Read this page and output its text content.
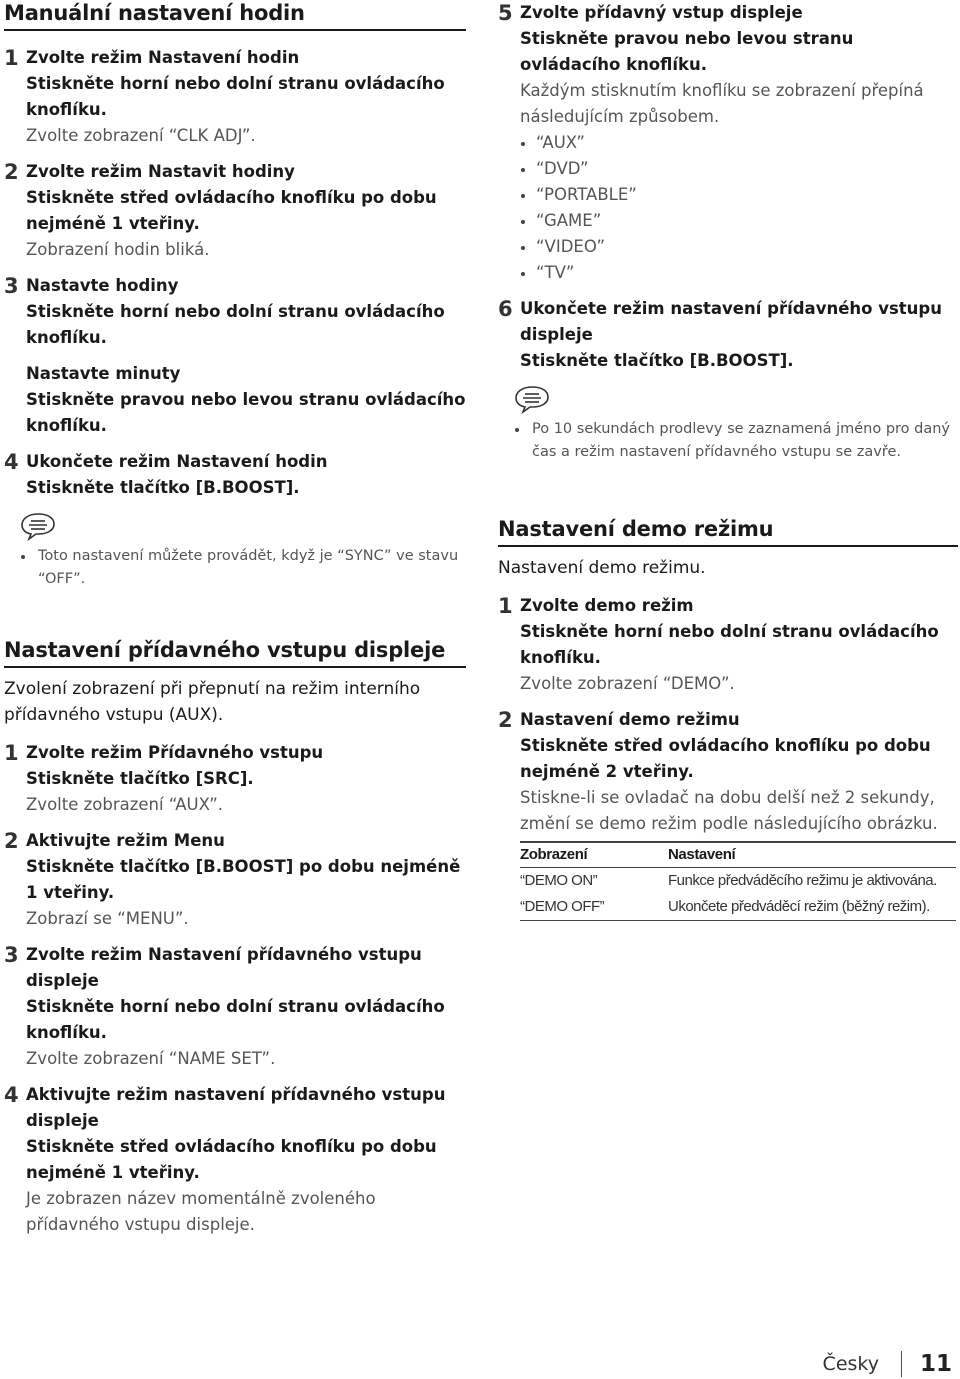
Manuální nastavení hodin
1 Zvolte režim Nastavení hodin
Stiskněte horní nebo dolní stranu ovládacího knoflíku.
Zvolte zobrazení “CLK ADJ”.
2 Zvolte režim Nastavit hodiny
Stiskněte střed ovládacího knoflíku po dobu nejméně 1 vteřiny.
Zobrazení hodin bliká.
3 Nastavte hodiny
Stiskněte horní nebo dolní stranu ovládacího knoflíku.
Nastavte minuty
Stiskněte pravou nebo levou stranu ovládacího knoflíku.
4 Ukončete režim Nastavení hodin
Stiskněte tlačítko [B.BOOST].
Toto nastavení můžete provádět, když je “SYNC” ve stavu “OFF”.
Nastavení přídavného vstupu displeje

Zvolení zobrazení při přepnutí na režim interního přídavného vstupu (AUX).

1 Zvolte režim Přídavného vstupu
Stiskněte tlačítko [SRC].
Zvolte zobrazení “AUX”.
2 Aktivujte režim Menu
Stiskněte tlačítko [B.BOOST] po dobu nejméně 1 vteřiny.
Zobrazí se “MENU”.
3 Zvolte režim Nastavení přídavného vstupu displeje
Stiskněte horní nebo dolní stranu ovládacího knoflíku.
Zvolte zobrazení “NAME SET”.
4 Aktivujte režim nastavení přídavného vstupu displeje
Stiskněte střed ovládacího knoflíku po dobu nejméně 1 vteřiny.
Je zobrazen název momentálně zvoleného přídavného vstupu displeje.
5 Zvolte přídavný vstup displeje
Stiskněte pravou nebo levou stranu ovládacího knoflíku.
Každým stisknutím knoflíku se zobrazení přepíná následujícím způsobem.
“AUX”
“DVD”
“PORTABLE”
“GAME”
“VIDEO”
“TV”
6 Ukončete režim nastavení přídavného vstupu displeje
Stiskněte tlačítko [B.BOOST].
Po 10 sekundách prodlevy se zaznamená jméno pro daný čas a režim nastavení přídavného vstupu se zavře.
Nastavení demo režimu

Nastavení demo režimu.

1 Zvolte demo režim
Stiskněte horní nebo dolní stranu ovládacího knoflíku.
Zvolte zobrazení “DEMO”.
2 Nastavení demo režimu
Stiskněte střed ovládacího knoflíku po dobu nejméně 2 vteřiny.
Stiskne-li se ovladač na dobu delší než 2 sekundy, změní se demo režim podle následujícího obrázku.
Zobrazení	Nastavení
“DEMO ON”	Funkce předváděcího režimu je aktivována.
“DEMO OFF”	Ukončete předváděcí režim (běžný režim).
Česky 11
